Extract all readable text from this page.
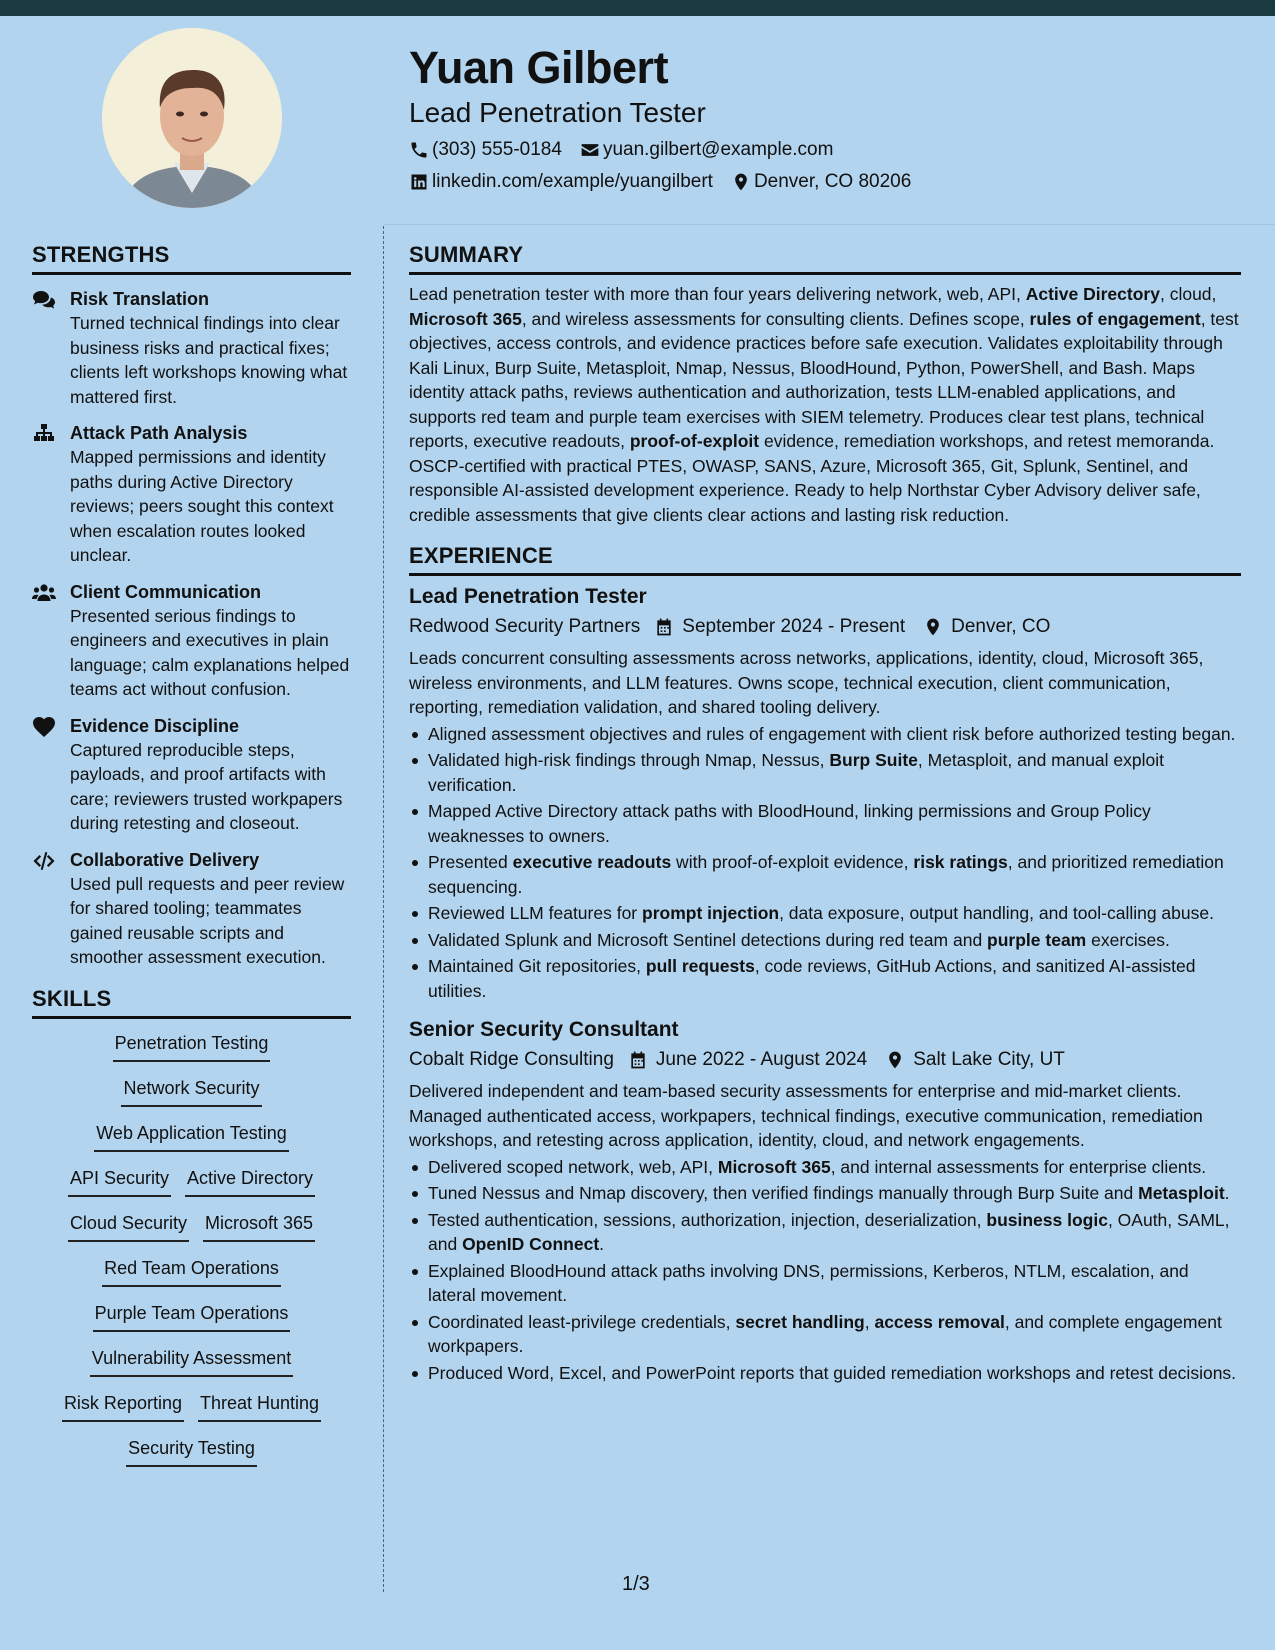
Yuan Gilbert
Lead Penetration Tester
(303) 555-0184 yuan.gilbert@example.com
linkedin.com/example/yuangilbert Denver, CO 80206
STRENGTHS
Risk Translation
Turned technical findings into clear business risks and practical fixes; clients left workshops knowing what mattered first.
Attack Path Analysis
Mapped permissions and identity paths during Active Directory reviews; peers sought this context when escalation routes looked unclear.
Client Communication
Presented serious findings to engineers and executives in plain language; calm explanations helped teams act without confusion.
Evidence Discipline
Captured reproducible steps, payloads, and proof artifacts with care; reviewers trusted workpapers during retesting and closeout.
Collaborative Delivery
Used pull requests and peer review for shared tooling; teammates gained reusable scripts and smoother assessment execution.
SKILLS
Penetration Testing
Network Security
Web Application Testing
API Security Active Directory
Cloud Security Microsoft 365
Red Team Operations
Purple Team Operations
Vulnerability Assessment
Risk Reporting Threat Hunting
Security Testing
SUMMARY
Lead penetration tester with more than four years delivering network, web, API, Active Directory, cloud, Microsoft 365, and wireless assessments for consulting clients. Defines scope, rules of engagement, test objectives, access controls, and evidence practices before safe execution. Validates exploitability through Kali Linux, Burp Suite, Metasploit, Nmap, Nessus, BloodHound, Python, PowerShell, and Bash. Maps identity attack paths, reviews authentication and authorization, tests LLM-enabled applications, and supports red team and purple team exercises with SIEM telemetry. Produces clear test plans, technical reports, executive readouts, proof-of-exploit evidence, remediation workshops, and retest memoranda. OSCP-certified with practical PTES, OWASP, SANS, Azure, Microsoft 365, Git, Splunk, Sentinel, and responsible AI-assisted development experience. Ready to help Northstar Cyber Advisory deliver safe, credible assessments that give clients clear actions and lasting risk reduction.
EXPERIENCE
Lead Penetration Tester
Redwood Security Partners September 2024 - Present Denver, CO
Leads concurrent consulting assessments across networks, applications, identity, cloud, Microsoft 365, wireless environments, and LLM features. Owns scope, technical execution, client communication, reporting, remediation validation, and shared tooling delivery.
Aligned assessment objectives and rules of engagement with client risk before authorized testing began.
Validated high-risk findings through Nmap, Nessus, Burp Suite, Metasploit, and manual exploit verification.
Mapped Active Directory attack paths with BloodHound, linking permissions and Group Policy weaknesses to owners.
Presented executive readouts with proof-of-exploit evidence, risk ratings, and prioritized remediation sequencing.
Reviewed LLM features for prompt injection, data exposure, output handling, and tool-calling abuse.
Validated Splunk and Microsoft Sentinel detections during red team and purple team exercises.
Maintained Git repositories, pull requests, code reviews, GitHub Actions, and sanitized AI-assisted utilities.
Senior Security Consultant
Cobalt Ridge Consulting June 2022 - August 2024 Salt Lake City, UT
Delivered independent and team-based security assessments for enterprise and mid-market clients. Managed authenticated access, workpapers, technical findings, executive communication, remediation workshops, and retesting across application, identity, cloud, and network engagements.
Delivered scoped network, web, API, Microsoft 365, and internal assessments for enterprise clients.
Tuned Nessus and Nmap discovery, then verified findings manually through Burp Suite and Metasploit.
Tested authentication, sessions, authorization, injection, deserialization, business logic, OAuth, SAML, and OpenID Connect.
Explained BloodHound attack paths involving DNS, permissions, Kerberos, NTLM, escalation, and lateral movement.
Coordinated least-privilege credentials, secret handling, access removal, and complete engagement workpapers.
Produced Word, Excel, and PowerPoint reports that guided remediation workshops and retest decisions.
1/3
